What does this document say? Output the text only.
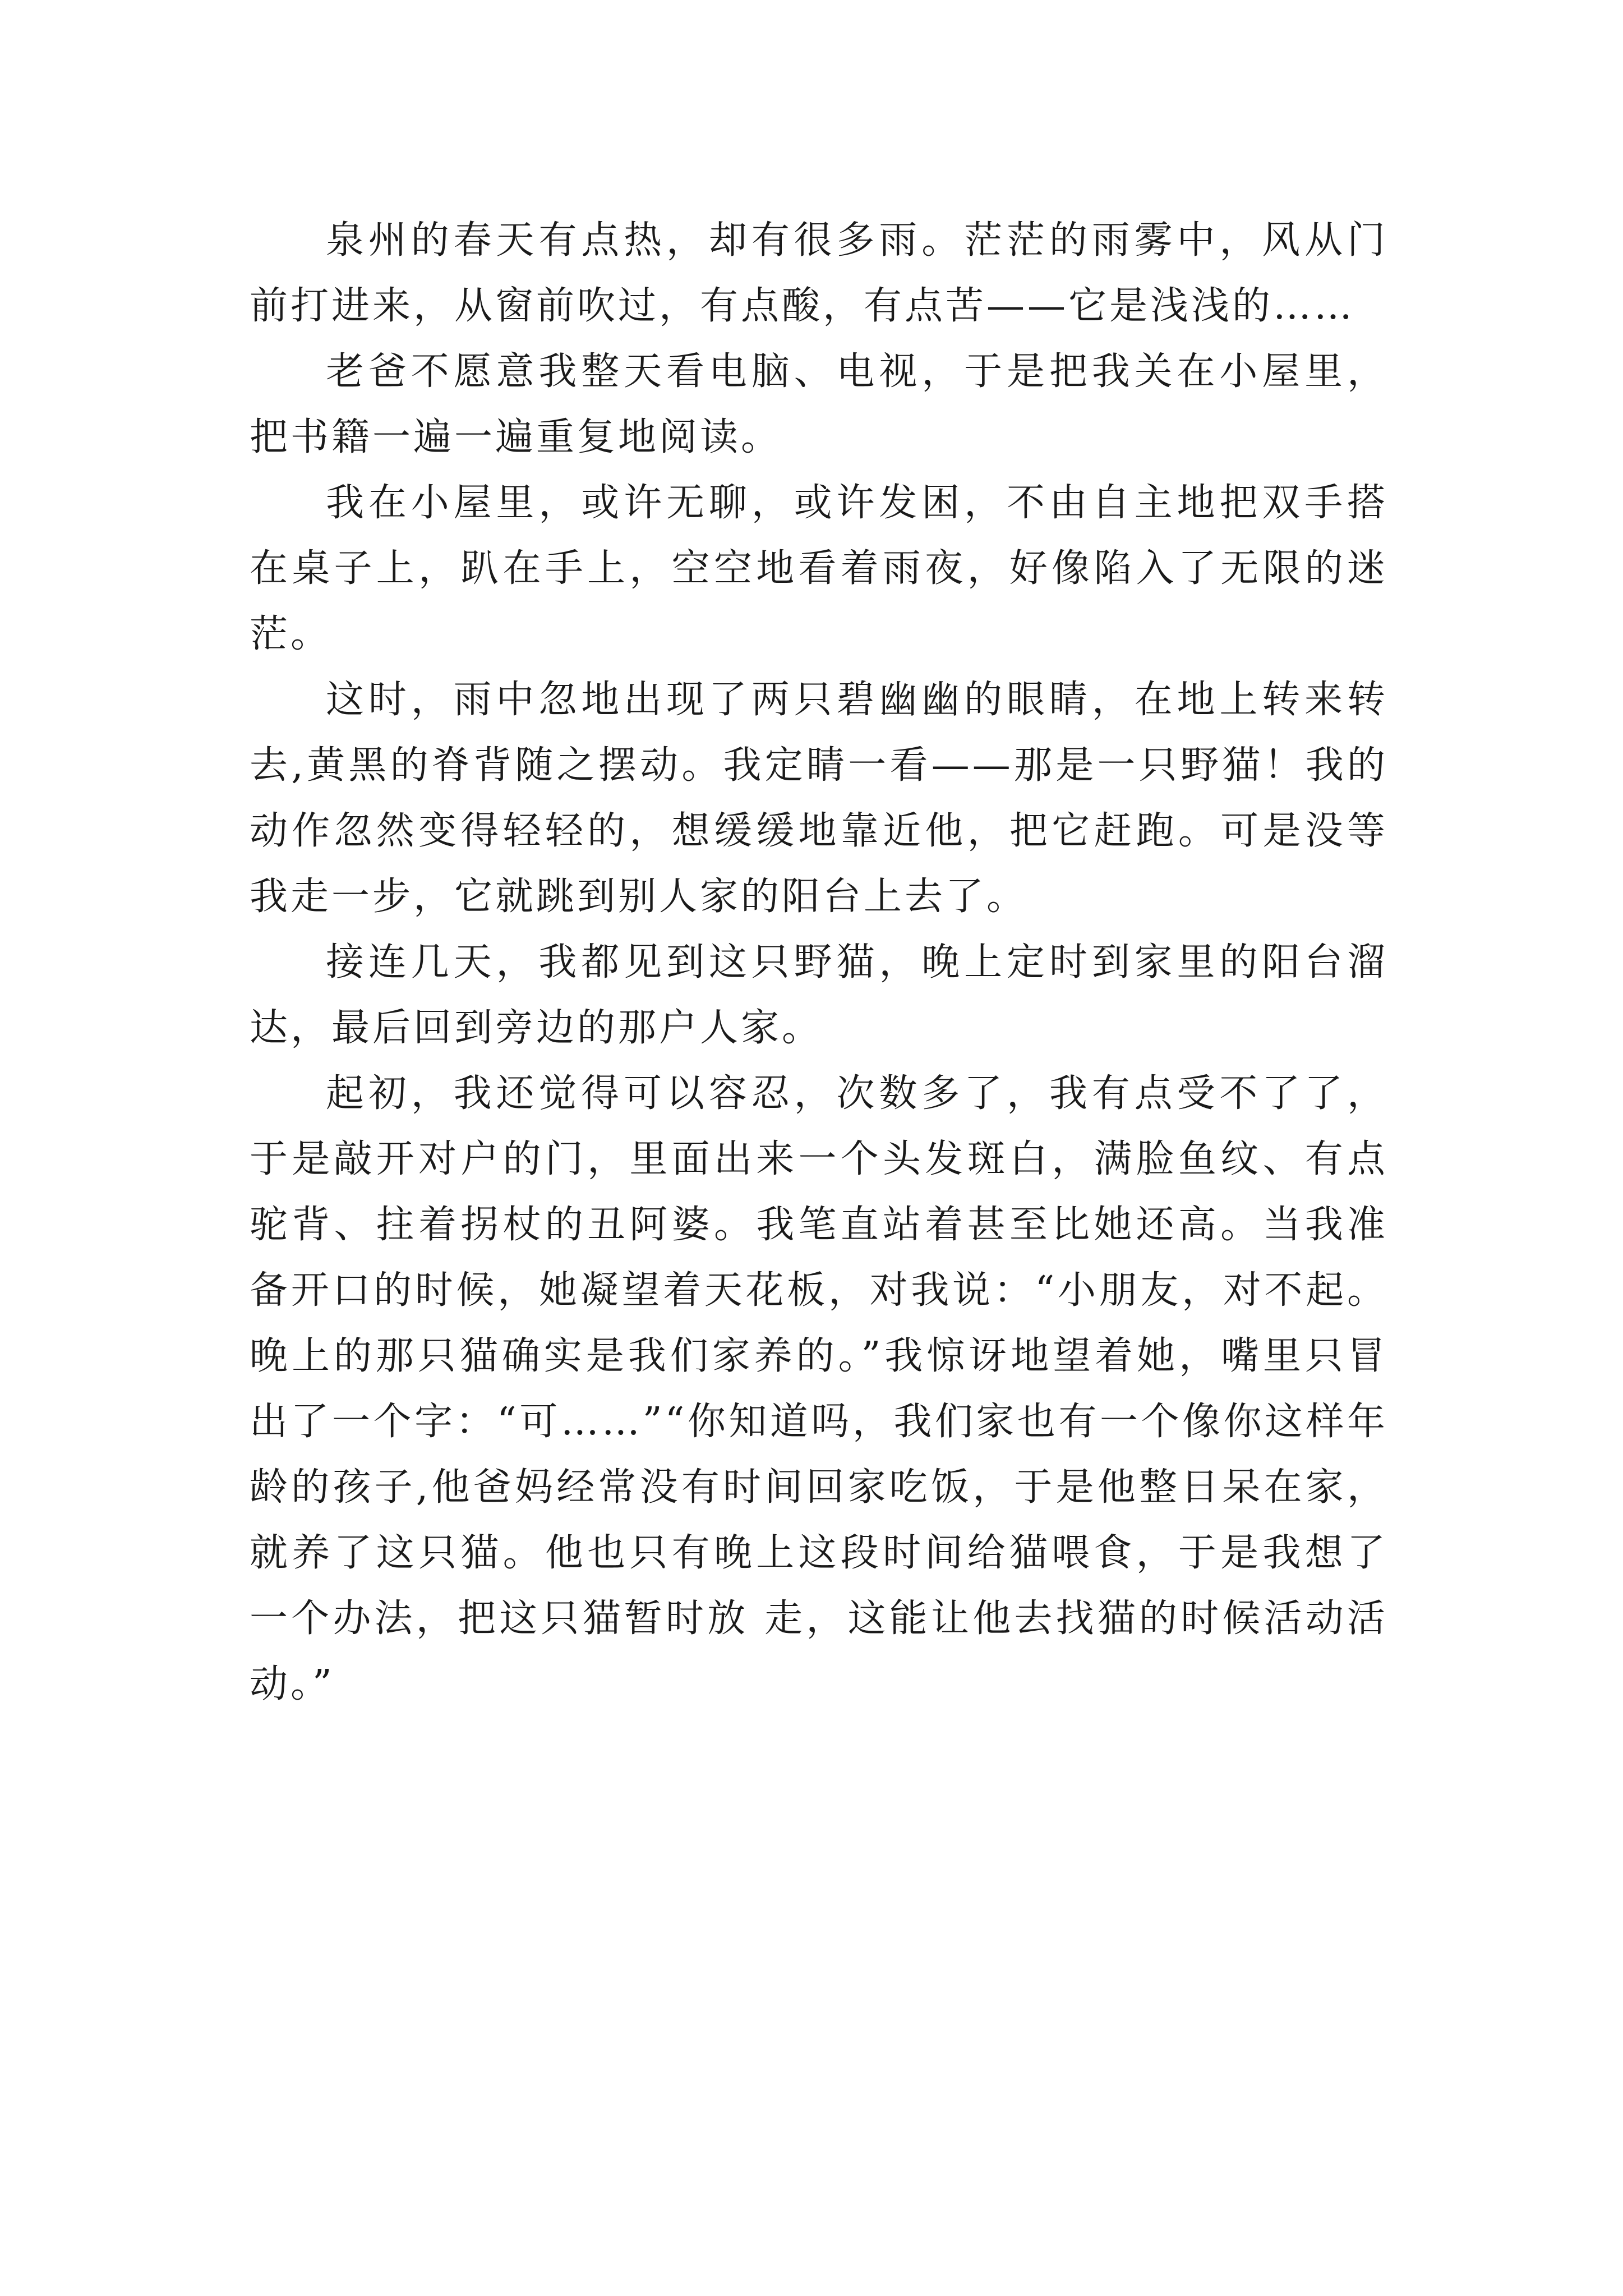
泉州的春天有点热，却有很多雨。茫茫的雨雾中，风从门前打进来，从窗前吹过，有点酸，有点苦——它是浅浅的……

老爸不愿意我整天看电脑、电视，于是把我关在小屋里，把书籍一遍一遍重复地阅读。

我在小屋里，或许无聊，或许发困，不由自主地把双手搭在桌子上，趴在手上，空空地看着雨夜，好像陷入了无限的迷茫。

这时，雨中忽地出现了两只碧幽幽的眼睛，在地上转来转去,黄黑的脊背随之摆动。我定睛一看——那是一只野猫！我的动作忽然变得轻轻的，想缓缓地靠近他，把它赶跑。可是没等我走一步，它就跳到别人家的阳台上去了。

接连几天，我都见到这只野猫，晚上定时到家里的阳台溜达，最后回到旁边的那户人家。

起初，我还觉得可以容忍，次数多了，我有点受不了了，于是敲开对户的门，里面出来一个头发斑白，满脸鱼纹、有点驼背、拄着拐杖的丑阿婆。我笔直站着甚至比她还高。当我准备开口的时候，她凝望着天花板，对我说：“小朋友，对不起。晚上的那只猫确实是我们家养的。”我惊讶地望着她，嘴里只冒出了一个字：“可……”“你知道吗，我们家也有一个像你这样年龄的孩子,他爸妈经常没有时间回家吃饭，于是他整日呆在家，就养了这只猫。他也只有晚上这段时间给猫喂食，于是我想了一个办法，把这只猫暂时放 走，这能让他去找猫的时候活动活动。”
